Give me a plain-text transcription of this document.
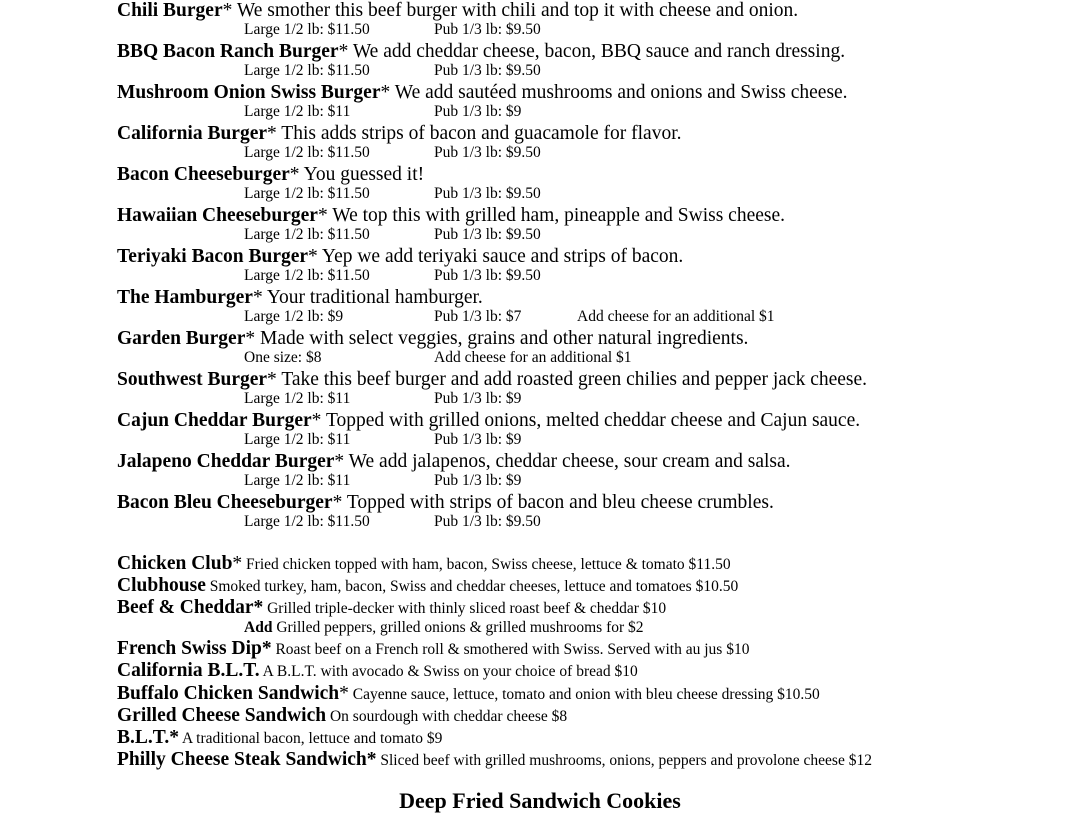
Chili Burger* We smother this beef burger with chili and top it with cheese and onion.
Large 1/2 lb: $11.50	Pub 1/3 lb: $9.50
BBQ Bacon Ranch Burger* We add cheddar cheese, bacon, BBQ sauce and ranch dressing.
Large 1/2 lb: $11.50	Pub 1/3 lb: $9.50
Mushroom Onion Swiss Burger* We add sautéed mushrooms and onions and Swiss cheese.
Large 1/2 lb: $11	Pub 1/3 lb: $9
California Burger* This adds strips of bacon and guacamole for flavor.
Large 1/2 lb: $11.50	Pub 1/3 lb: $9.50
Bacon Cheeseburger* You guessed it!
Large 1/2 lb: $11.50	Pub 1/3 lb: $9.50
Hawaiian Cheeseburger* We top this with grilled ham, pineapple and Swiss cheese.
Large 1/2 lb: $11.50	Pub 1/3 lb: $9.50
Teriyaki Bacon Burger* Yep we add teriyaki sauce and strips of bacon.
Large 1/2 lb: $11.50	Pub 1/3 lb: $9.50
The Hamburger* Your traditional hamburger.
Large 1/2 lb: $9	Pub 1/3 lb: $7	Add cheese for an additional $1
Garden Burger* Made with select veggies, grains and other natural ingredients.
One size: $8	Add cheese for an additional $1
Southwest Burger* Take this beef burger and add roasted green chilies and pepper jack cheese.
Large 1/2 lb: $11	Pub 1/3 lb: $9
Cajun Cheddar Burger* Topped with grilled onions, melted cheddar cheese and Cajun sauce.
Large 1/2 lb: $11	Pub 1/3 lb: $9
Jalapeno Cheddar Burger* We add jalapenos, cheddar cheese, sour cream and salsa.
Large 1/2 lb: $11	Pub 1/3 lb: $9
Bacon Bleu Cheeseburger* Topped with strips of bacon and bleu cheese crumbles.
Large 1/2 lb: $11.50	Pub 1/3 lb: $9.50
Chicken Club* Fried chicken topped with ham, bacon, Swiss cheese, lettuce & tomato $11.50
Clubhouse Smoked turkey, ham, bacon, Swiss and cheddar cheeses, lettuce and tomatoes $10.50
Beef & Cheddar* Grilled triple-decker with thinly sliced roast beef & cheddar $10
Add Grilled peppers, grilled onions & grilled mushrooms for $2
French Swiss Dip* Roast beef on a French roll & smothered with Swiss. Served with au jus $10
California B.L.T. A B.L.T. with avocado & Swiss on your choice of bread $10
Buffalo Chicken Sandwich* Cayenne sauce, lettuce, tomato and onion with bleu cheese dressing $10.50
Grilled Cheese Sandwich On sourdough with cheddar cheese $8
B.L.T.* A traditional bacon, lettuce and tomato $9
Philly Cheese Steak Sandwich* Sliced beef with grilled mushrooms, onions, peppers and provolone cheese $12
Deep Fried Sandwich Cookies
